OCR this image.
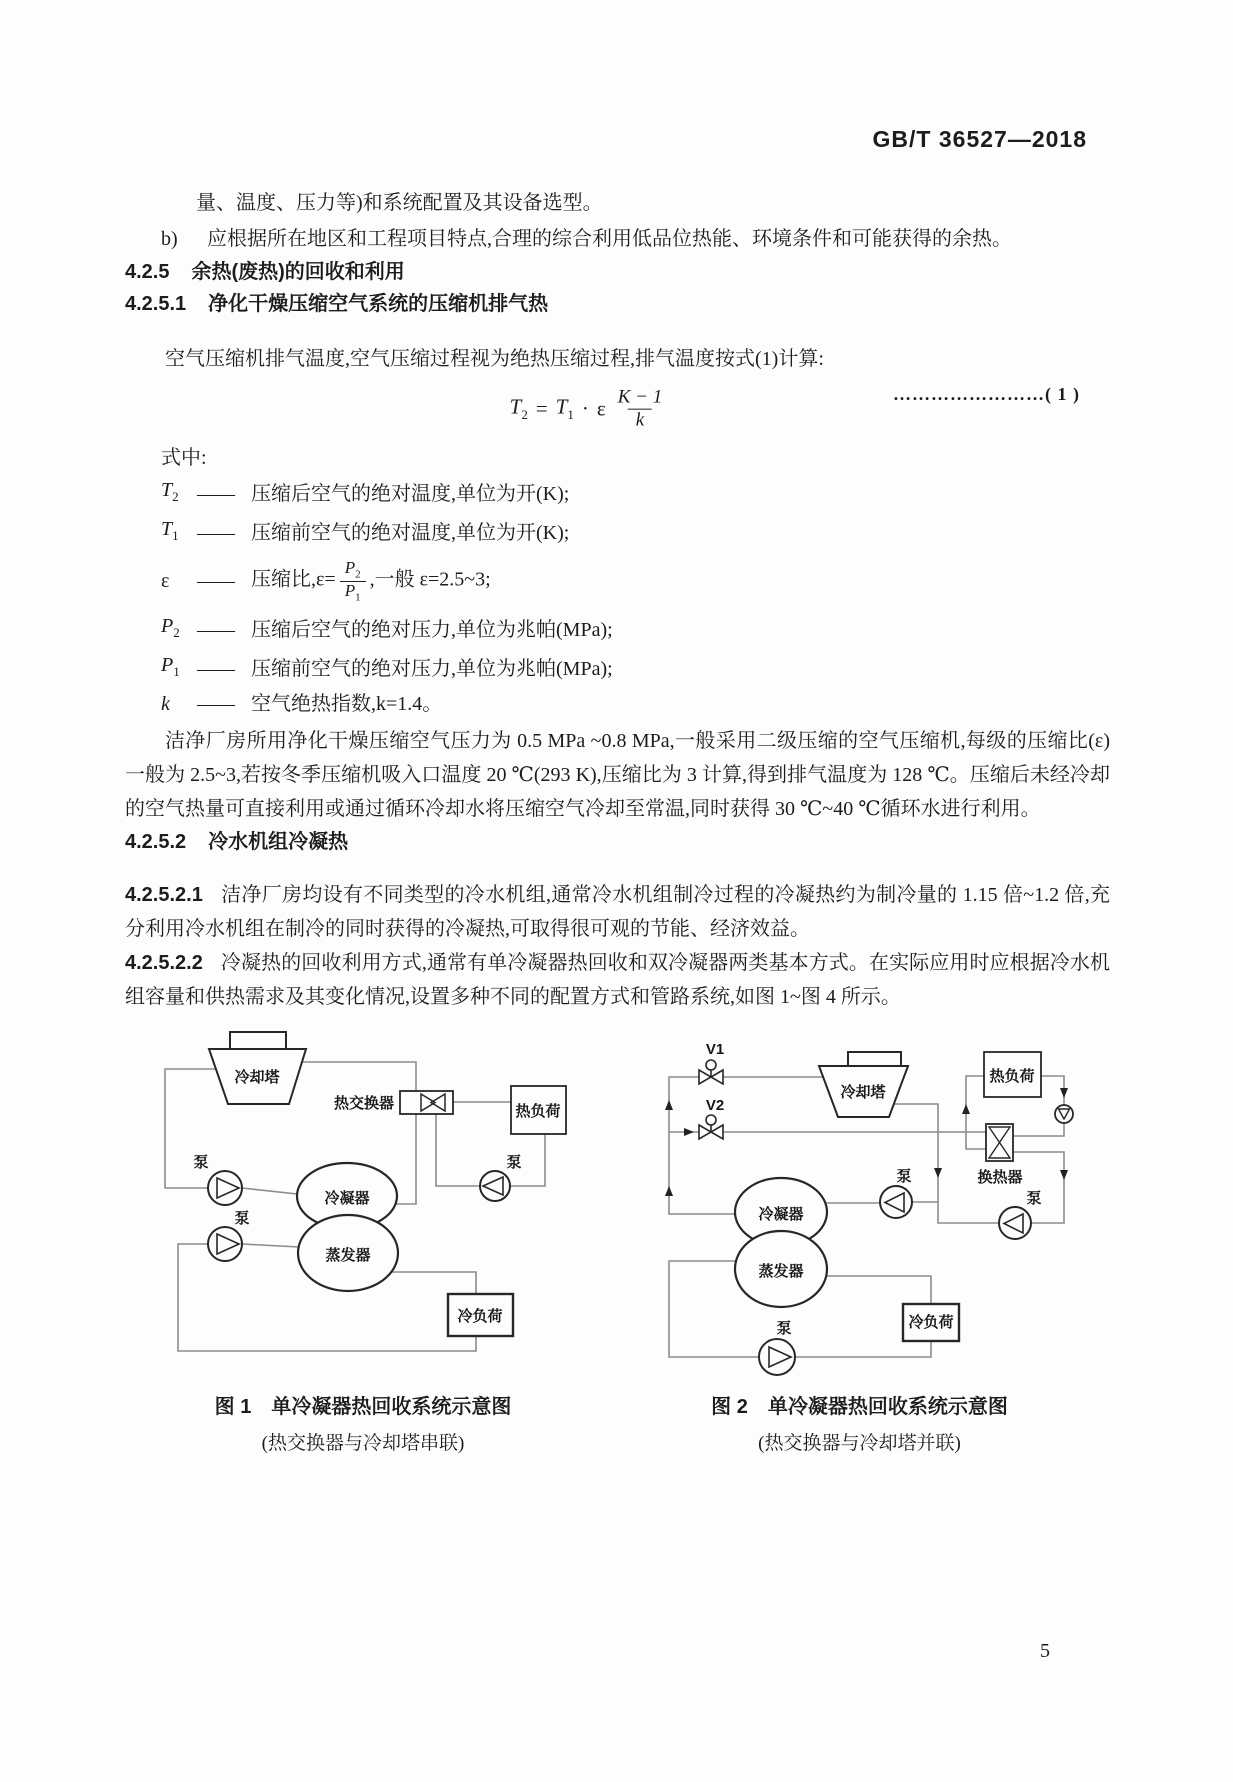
GB/T 36527—2018

量、温度、压力等)和系统配置及其设备选型。

b)	应根据所在地区和工程项目特点,合理的综合利用低品位热能、环境条件和可能获得的余热。
4.2.5 余热(废热)的回收和利用
4.2.5.1 净化干燥压缩空气系统的压缩机排气热

空气压缩机排气温度,空气压缩过程视为绝热压缩过程,排气温度按式(1)计算:

$T_2 = T_1 \cdot \varepsilon \frac{K - 1}{k}$	……………………( 1 )

式中:

$T_2$ —— 压缩后空气的绝对温度,单位为开(K);
$T_1$ —— 压缩前空气的绝对温度,单位为开(K);
ε	—— 压缩比$,\varepsilon= \frac{P_2}{P_1}$ ,一般 ε=2.5~3;
$P_2$ —— 压缩后空气的绝对压力,单位为兆帕(MPa);
$P_1$ —— 压缩前空气的绝对压力,单位为兆帕(MPa);
k	—— 空气绝热指数,k=1.4。

洁净厂房所用净化干燥压缩空气压力为 0.5 MPa ~0.8 MPa,一般采用二级压缩的空气压缩机,每级的压缩比(ε)一般为 2.5~3,若按冬季压缩机吸入口温度 20 ℃(293 K),压缩比为 3 计算,得到排气温度为 128 ℃。压缩后未经冷却的空气热量可直接利用或通过循环冷却水将压缩空气冷却至常温,同时获得 30 ℃~40 ℃循环水进行利用。

4.2.5.2 冷水机组冷凝热

4.2.5.2.1 洁净厂房均设有不同类型的冷水机组,通常冷水机组制冷过程的冷凝热约为制冷量的 1.15 倍~1.2 倍,充分利用冷水机组在制冷的同时获得的冷凝热,可取得很可观的节能、经济效益。

4.2.5.2.2 冷凝热的回收利用方式,通常有单冷凝器热回收和双冷凝器两类基本方式。在实际应用时应根据冷水机组容量和供热需求及其变化情况,设置多种不同的配置方式和管路系统,如图 1~图 4 所示。

冷却塔
热交换器	热负荷
冷凝器
蒸发器
冷负荷
泵
泵
泵
图 1　单冷凝器热回收系统示意图
(热交换器与冷却塔串联)
V1
V2
冷却塔
热负荷
换热器
冷凝器
蒸发器
冷负荷
泵
泵
泵
图 2　单冷凝器热回收系统示意图
(热交换器与冷却塔并联)
5
